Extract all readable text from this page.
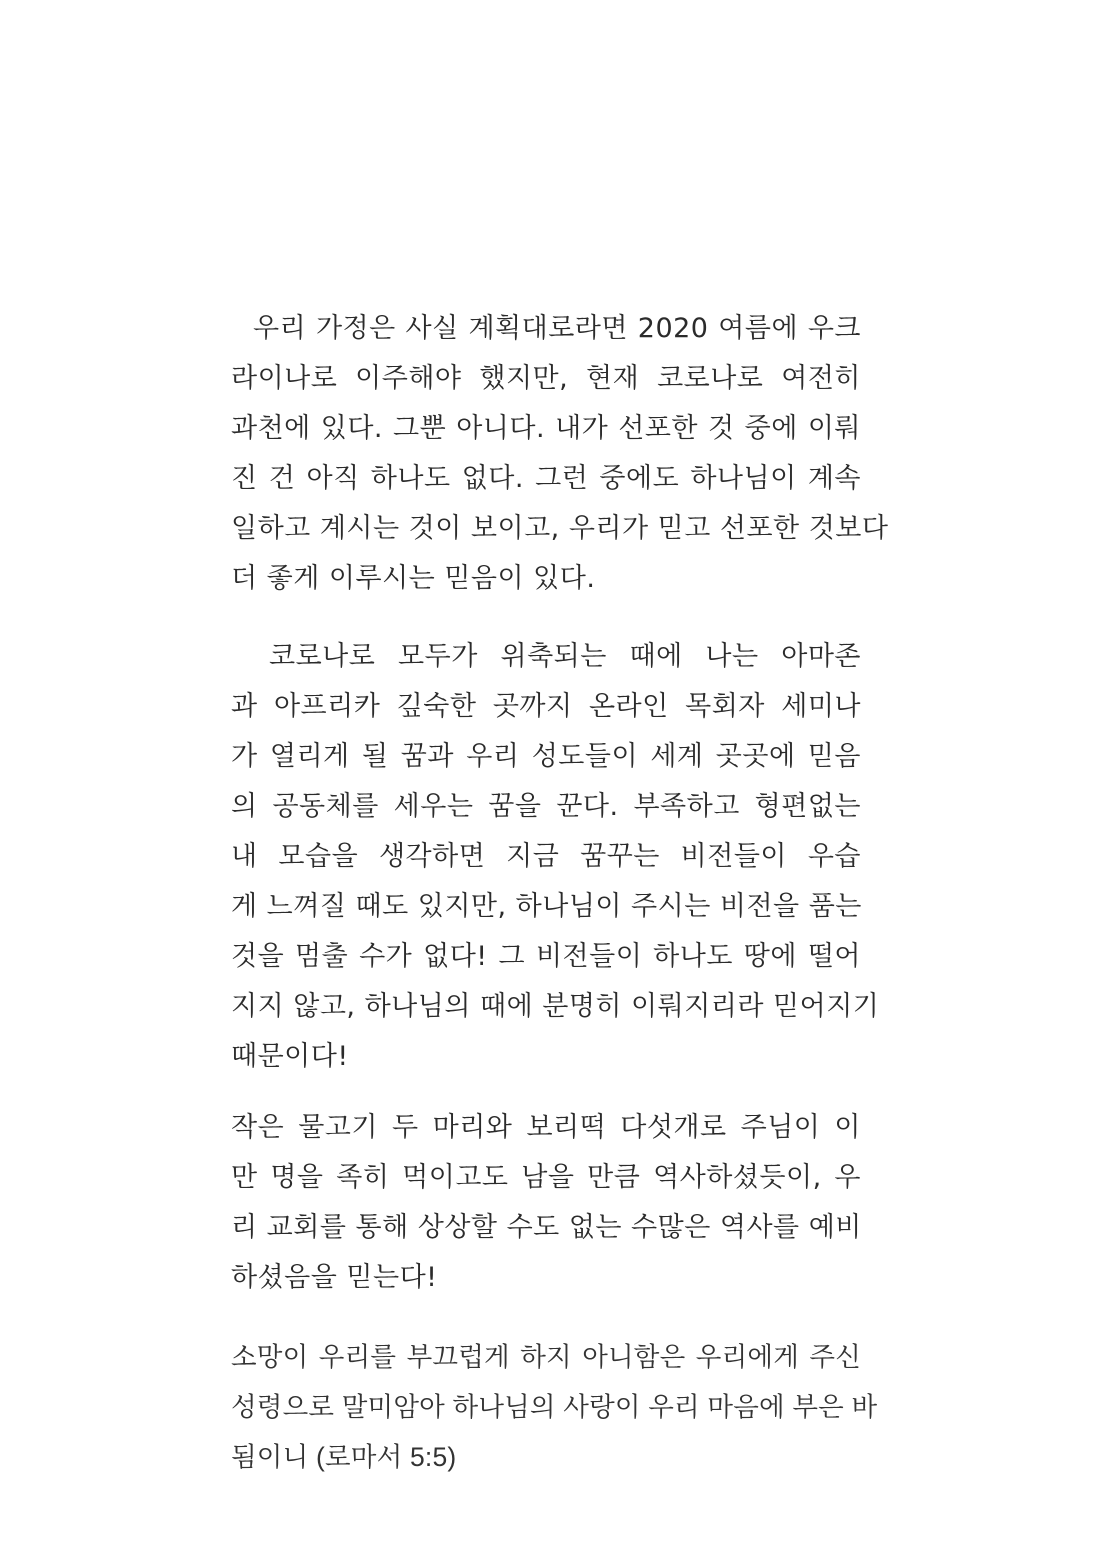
우리 가정은 사실 계획대로라면 2020 여름에 우크
라이나로 이주해야 했지만, 현재 코로나로 여전히
과천에 있다. 그뿐 아니다. 내가 선포한 것 중에 이뤄
진 건 아직 하나도 없다. 그런 중에도 하나님이 계속
일하고 계시는 것이 보이고, 우리가 믿고 선포한 것보다
더 좋게 이루시는 믿음이 있다.
코로나로 모두가 위축되는 때에 나는 아마존
과 아프리카 깊숙한 곳까지 온라인 목회자 세미나
가 열리게 될 꿈과 우리 성도들이 세계 곳곳에 믿음
의 공동체를 세우는 꿈을 꾼다. 부족하고 형편없는
내 모습을 생각하면 지금 꿈꾸는 비전들이 우습
게 느껴질 때도 있지만, 하나님이 주시는 비전을 품는
것을 멈출 수가 없다! 그 비전들이 하나도 땅에 떨어
지지 않고, 하나님의 때에 분명히 이뤄지리라 믿어지기
때문이다!
작은 물고기 두 마리와 보리떡 다섯개로 주님이 이
만 명을 족히 먹이고도 남을 만큼 역사하셨듯이, 우
리 교회를 통해 상상할 수도 없는 수많은 역사를 예비
하셨음을 믿는다!
소망이 우리를 부끄럽게 하지 아니함은 우리에게 주신
성령으로 말미암아 하나님의 사랑이 우리 마음에 부은 바
됨이니 (로마서 5:5)
